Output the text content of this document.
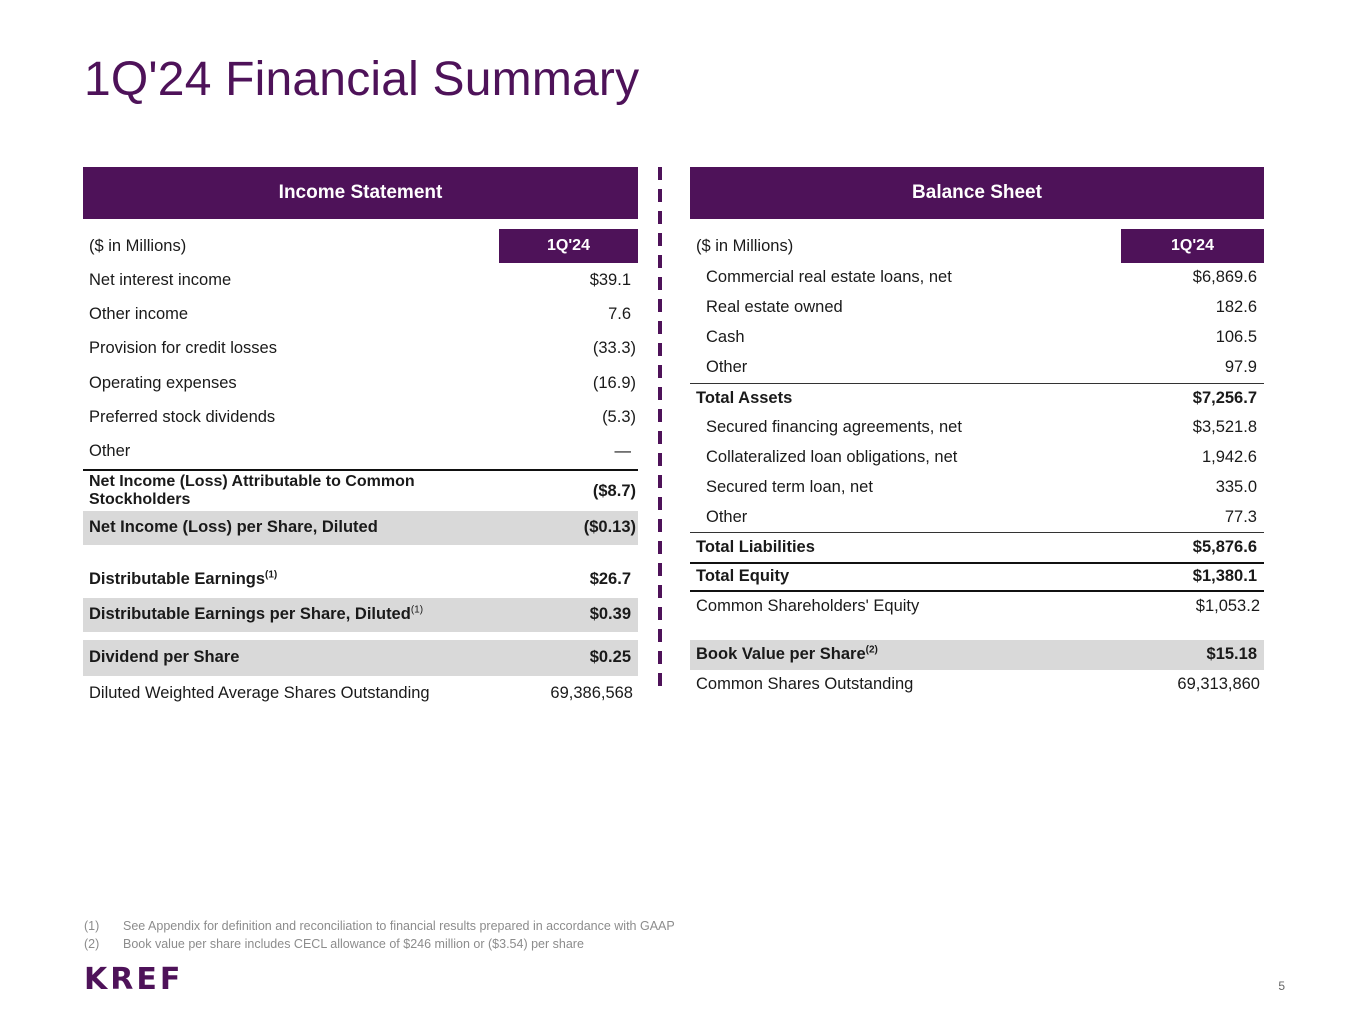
1Q'24 Financial Summary
Income Statement
($ in Millions)	1Q'24
Net interest income	$39.1
Other income	7.6
Provision for credit losses	(33.3)
Operating expenses	(16.9)
Preferred stock dividends	(5.3)
Other	—
Net Income (Loss) Attributable to Common Stockholders	($8.7)
Net Income (Loss) per Share, Diluted	($0.13)
Distributable Earnings$^{(1)}$	$26.7
Distributable Earnings per Share, Diluted$^{(1)}$	$0.39
Dividend per Share	$0.25
Diluted Weighted Average Shares Outstanding	69,386,568
Balance Sheet
($ in Millions)	1Q'24
Commercial real estate loans, net	$6,869.6
Real estate owned	182.6
Cash	106.5
Other	97.9
Total Assets	$7,256.7
Secured financing agreements, net	$3,521.8
Collateralized loan obligations, net	1,942.6
Secured term loan, net	335.0
Other	77.3
Total Liabilities	$5,876.6
Total Equity	$1,380.1
Common Shareholders' Equity	$1,053.2
Book Value per Share$^{(2)}$	$15.18
Common Shares Outstanding	69,313,860
(1)	See Appendix for definition and reconciliation to financial results prepared in accordance with GAAP
(2)	Book value per share includes CECL allowance of $246 million or ($3.54) per share
KREF	5
